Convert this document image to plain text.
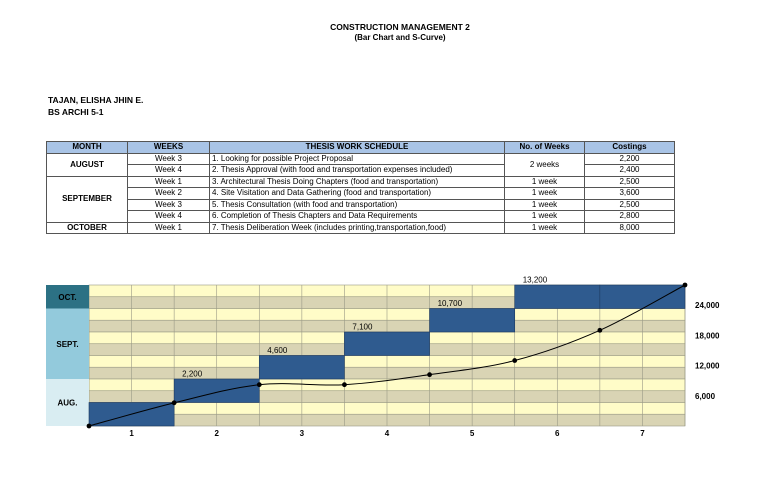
CONSTRUCTION MANAGEMENT 2
(Bar Chart and S-Curve)
TAJAN, ELISHA JHIN E.
BS ARCHI 5-1
MONTH	WEEKS	THESIS WORK SCHEDULE	No. of Weeks	Costings
AUGUST	Week 3	1. Looking for possible Project Proposal	2 weeks	2,200
	Week 4	2. Thesis Approval (with food and transportation expenses included)		2,400
SEPTEMBER	Week 1	3. Architectural Thesis Doing Chapters (food and transportation)	1 week	2,500
	Week 2	4. Site Visitation and Data Gathering (food and transportation)	1 week	3,600
	Week 3	5. Thesis Consultation (with food and transportation)	1 week	2,500
	Week 4	6. Completion of Thesis Chapters and Data Requirements	1 week	2,800
OCTOBER	Week 1	7. Thesis Deliberation Week (includes printing,transportation,food)	1 week	8,000
OCT.
SEPT.
AUG.
2,200
4,600
7,100
10,700
13,200
1	2	3	4	5	6	7
24,000
18,000
12,000
6,000
